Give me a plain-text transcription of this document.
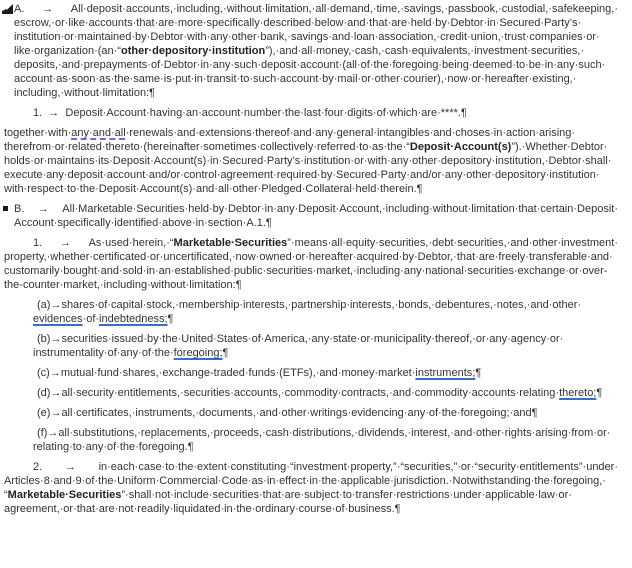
A. → All·​deposit·​accounts,·​including,·​without·​limitation,·​all·​demand,·​time,·​savings,·​passbook,·​custodial,·​safekeeping,·​escrow,·​or·​like·​accounts·​that·​are·​more·​specifically·​described·​below·​and·​that·​are·​held·​by·​Debtor·​in·​Secured·​Party’s·​institution·​or·​maintained·​by·​Debtor·​with·​any·​other·​bank,·​savings·​and·​loan·​association,·​credit·​union,·​trust·​companies·​or·​like·​organization·​(an·​“other·​depository·​institution”),·​and·​all·​money,·​cash,·​cash·​equivalents,·​investment·​securities,·​deposits,·​and·​prepayments·​of·​Debtor·​in·​any·​such·​deposit·​account·​(all·​of·​the·​foregoing·​being·​deemed·​to·​be·​in·​any·​such·​account·​as·​soon·​as·​the·​same·​is·​put·​in·​transit·​to·​such·​account·​by·​mail·​or·​other·​courier),·​now·​or·​hereafter·​existing,·​including,·​without·​limitation:¶

1.  →  Deposit·​Account·​having·​an·​account·​number·​the·​last·​four·​digits·​of·​which·​are·​****.¶

together·​with·​any·​and·​all·​renewals·​and·​extensions·​thereof·​and·​any·​general·​intangibles·​and·​choses·​in·​action·​arising·​therefrom·​or·​related·​thereto·​(hereinafter·​sometimes·​collectively·​referred·​to·​as·​the·​“Deposit·​Account(s)”).·​Whether·​Debtor·​holds·​or·​maintains·​its·​Deposit·​Account(s)·​in·​Secured·​Party’s·​institution·​or·​with·​any·​other·​depository·​institution,·​Debtor·​shall·​execute·​any·​deposit·​account·​and/or·​control·​agreement·​required·​by·​Secured·​Party·​and/or·​any·​other·​depository·​institution·​with·​respect·​to·​the·​Deposit·​Account(s)·​and·​all·​other·​Pledged·​Collateral·​held·​therein.¶

B. → All·​Marketable·​Securities·​held·​by·​Debtor·​in·​any·​Deposit·​Account,·​including·​without·​limitation·​that·​certain·​Deposit·​Account·​specifically·​identified·​above·​in·​section·​A.1.¶

1.  →  As·​used·​herein,·​“Marketable·​Securities”·​means·​all·​equity·​securities,·​debt·​securities,·​and·​other·​investment·​property,·​whether·​certificated·​or·​uncertificated,·​now·​owned·​or·​hereafter·​acquired·​by·​Debtor,·​that·​are·​freely·​transferable·​and·​customarily·​bought·​and·​sold·​in·​an·​established·​public·​securities·​market,·​including·​any·​national·​securities·​exchange·​or·​over-the-counter·​market,·​including·​without·​limitation:¶

(a)→shares·​of·​capital·​stock,·​membership·​interests,·​partnership·​interests,·​bonds,·​debentures,·​notes,·​and·​other·​evidences·​of·​indebtedness;¶

(b)→securities·​issued·​by·​the·​United·​States·​of·​America,·​any·​state·​or·​municipality·​thereof,·​or·​any·​agency·​or·​instrumentality·​of·​any·​of·​the·​foregoing;¶

(c)→mutual·​fund·​shares,·​exchange-traded·​funds·​(ETFs),·​and·​money·​market·​instruments;¶

(d)→all·​security·​entitlements,·​securities·​accounts,·​commodity·​contracts,·​and·​commodity·​accounts·​relating·​thereto;¶

(e)→all·​certificates,·​instruments,·​documents,·​and·​other·​writings·​evidencing·​any·​of·​the·​foregoing;·​and¶

(f)→all·​substitutions,·​replacements,·​proceeds,·​cash·​distributions,·​dividends,·​interest,·​and·​other·​rights·​arising·​from·​or·​relating·​to·​any·​of·​the·​foregoing.¶

2.  →  in·​each·​case·​to·​the·​extent·​constituting·​“investment·​property,”·​“securities,”·​or·​“security·​entitlements”·​under·​Articles·​8·​and·​9·​of·​the·​Uniform·​Commercial·​Code·​as·​in·​effect·​in·​the·​applicable·​jurisdiction.·​Notwithstanding·​the·​foregoing,·​“Marketable·​Securities”·​shall·​not·​include·​securities·​that·​are·​subject·​to·​transfer·​restrictions·​under·​applicable·​law·​or·​agreement,·​or·​that·​are·​not·​readily·​liquidated·​in·​the·​ordinary·​course·​of·​business.¶
